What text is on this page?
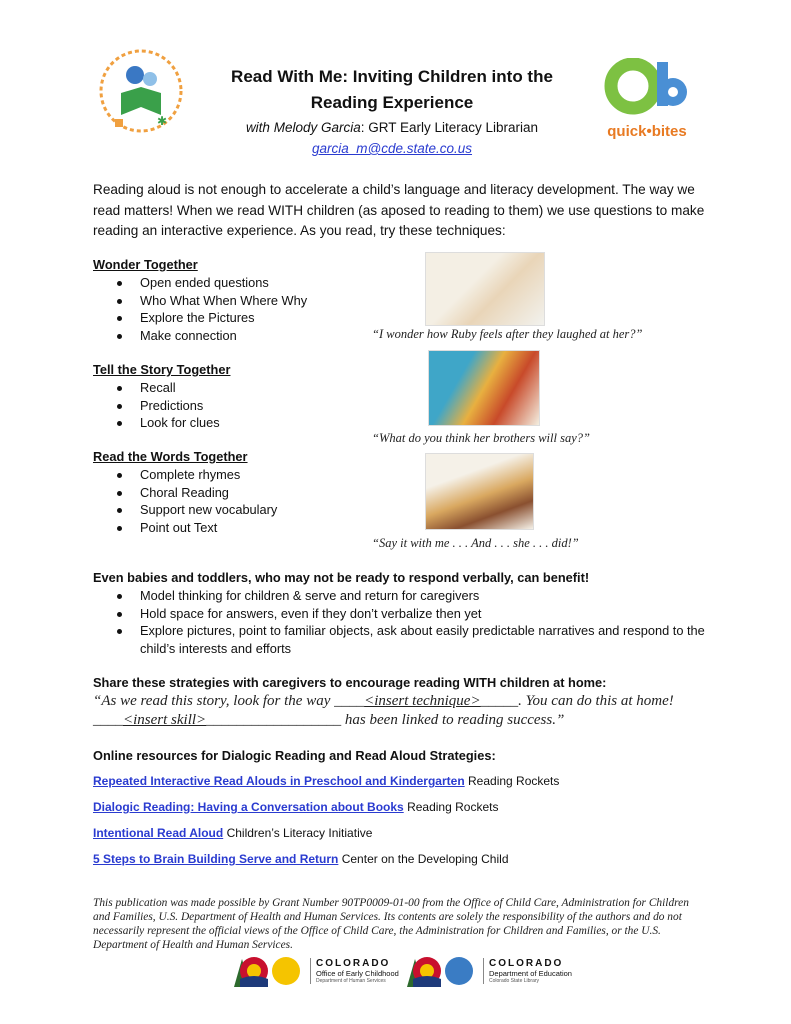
✱
Read With Me: Inviting Children into the
Reading Experience
with Melody Garcia: GRT Early Literacy Librarian
garcia_m@cde.state.co.us
quick•bites
Reading aloud is not enough to accelerate a child’s language and literacy development. The way we read matters! When we read WITH children (as aposed to reading to them) we use questions to make reading an interactive experience. As you read, try these techniques:
Wonder Together
Open ended questions
Who What When Where Why
Explore the Pictures
Make connection	“I wonder how Ruby feels after they laughed at her?”
Tell the Story Together
Recall
Predictions
Look for clues
“What do you think her brothers will say?”
Read the Words Together
Complete rhymes
Choral Reading
Support new vocabulary
Point out Text
“Say it with me . . . And . . . she . . . did!”
Even babies and toddlers, who may not be ready to respond verbally, can benefit!
Model thinking for children & serve and return for caregivers
Hold space for answers, even if they don’t verbalize then yet
Explore pictures, point to familiar objects, ask about easily predictable narratives and respond to the child’s interests and efforts
Share these strategies with caregivers to encourage reading WITH children at home:
“As we read this story, look for the way ____<insert technique>_____. You can do this at home!
____<insert skill>__________________ has been linked to reading success.”
Online resources for Dialogic Reading and Read Aloud Strategies:
Repeated Interactive Read Alouds in Preschool and Kindergarten Reading Rockets
Dialogic Reading: Having a Conversation about Books Reading Rockets
Intentional Read Aloud Children’s Literacy Initiative
5 Steps to Brain Building Serve and Return Center on the Developing Child
This publication was made possible by Grant Number 90TP0009-01-00 from the Office of Child Care, Administration for Children and Families, U.S. Department of Health and Human Services. Its contents are solely the responsibility of the authors and do not necessarily represent the official views of the Office of Child Care, the Administration for Children and Families, or the U.S. Department of Health and Human Services.
COLORADO
Office of Early Childhood
Department of Human Services
COLORADO
Department of Education
Colorado State Library
